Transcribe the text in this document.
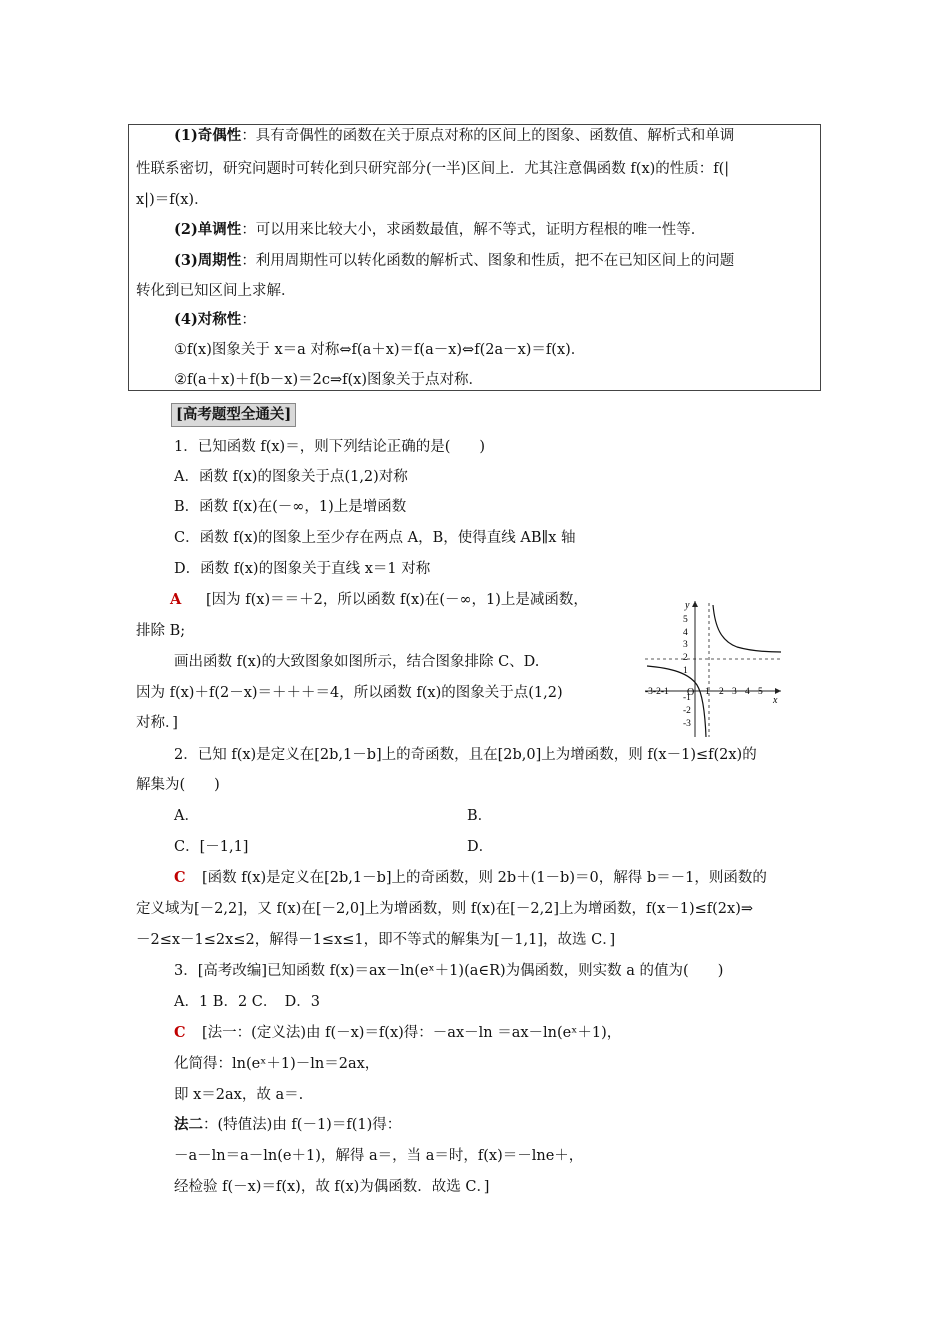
(1)奇偶性：具有奇偶性的函数在关于原点对称的区间上的图象、函数值、解析式和单调
性联系密切，研究问题时可转化到只研究部分(一半)区间上．尤其注意偶函数 f(x)的性质：f(|
x|)＝f(x)．
(2)单调性：可以用来比较大小，求函数最值，解不等式，证明方程根的唯一性等．
(3)周期性：利用周期性可以转化函数的解析式、图象和性质，把不在已知区间上的问题
转化到已知区间上求解．
(4)对称性：
①f(x)图象关于 x＝a 对称⇔f(a＋x)＝f(a－x)⇔f(2a－x)＝f(x)．
②f(a＋x)＋f(b－x)＝2c⇒f(x)图象关于点对称．
[高考题型全通关]
1．已知函数 f(x)＝，则下列结论正确的是(　　)
A．函数 f(x)的图象关于点(1,2)对称
B．函数 f(x)在(－∞，1)上是增函数
C．函数 f(x)的图象上至少存在两点 A，B，使得直线 AB∥x 轴
D．函数 f(x)的图象关于直线 x＝1 对称
A [因为 f(x)＝＝＋2，所以函数 f(x)在(－∞，1)上是减函数，
排除 B;
画出函数 f(x)的大致图象如图所示，结合图象排除 C、D.
因为 f(x)＋f(2－x)＝＋＋＋＝4，所以函数 f(x)的图象关于点(1,2)
对称．]
y
x
O
5
4
3
2
1
-1
-2
-3
-3-2-1	1 2 3 4 5
2．已知 f(x)是定义在[2b,1－b]上的奇函数，且在[2b,0]上为增函数，则 f(x－1)≤f(2x)的
解集为(　　)
A．	B．
C．[－1,1]	D．
C [函数 f(x)是定义在[2b,1－b]上的奇函数，则 2b＋(1－b)＝0，解得 b＝－1，则函数的
定义域为[－2,2]，又 f(x)在[－2,0]上为增函数，则 f(x)在[－2,2]上为增函数，f(x－1)≤f(2x)⇒
－2≤x－1≤2x≤2，解得－1≤x≤1，即不等式的解集为[－1,1]，故选 C．]
3．[高考改编]已知函数 f(x)＝ax－ln(eˣ＋1)(a∈R)为偶函数，则实数 a 的值为(　　)
A．1 B．2 C．　D．3
C [法一：(定义法)由 f(－x)＝f(x)得：－ax－ln ＝ax－ln(eˣ＋1)，
化简得：ln(eˣ＋1)－ln＝2ax，
即 x＝2ax，故 a＝.
法二：(特值法)由 f(－1)＝f(1)得：
－a－ln＝a－ln(e＋1)，解得 a＝，当 a＝时，f(x)＝－lne＋，
经检验 f(－x)＝f(x)，故 f(x)为偶函数．故选 C．]
